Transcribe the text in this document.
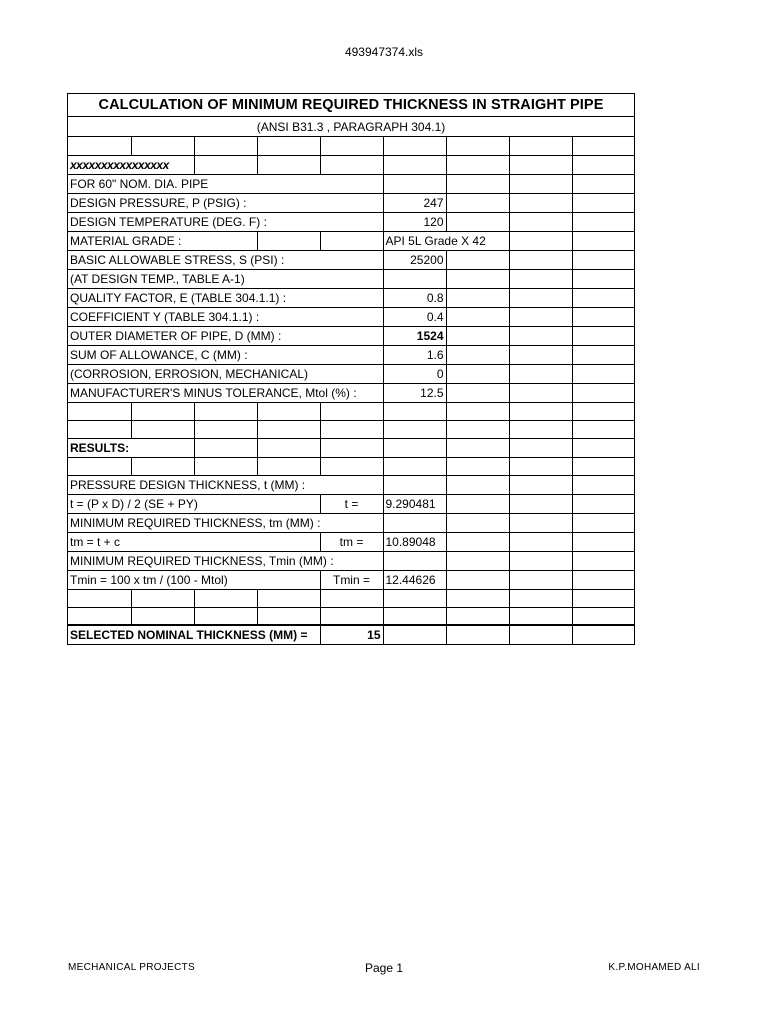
493947374.xls
CALCULATION OF MINIMUM REQUIRED THICKNESS IN STRAIGHT PIPE
(ANSI B31.3 , PARAGRAPH 304.1)

xxxxxxxxxxxxxxxx								
FOR 60" NOM. DIA. PIPE								
DESIGN PRESSURE, P (PSIG) :					247			
DESIGN TEMPERATURE (DEG. F) :					120			
MATERIAL GRADE :					API 5L Grade X 42			
BASIC ALLOWABLE STRESS, S (PSI) :					25200			
(AT DESIGN TEMP., TABLE A-1)								
QUALITY FACTOR, E (TABLE 304.1.1) :					0.8			
COEFFICIENT Y (TABLE 304.1.1) :					0.4			
OUTER DIAMETER OF PIPE, D (MM) :					1524			
SUM OF ALLOWANCE, C (MM) :					1.6			
(CORROSION, ERROSION, MECHANICAL)					0			
MANUFACTURER'S MINUS TOLERANCE, Mtol (%) :					12.5			

RESULTS:								

PRESSURE DESIGN THICKNESS, t (MM) :								
t = (P x D) / 2 (SE + PY)				t =	9.290481			
MINIMUM REQUIRED THICKNESS, tm (MM) :								
tm = t + c				tm =	10.89048			
MINIMUM REQUIRED THICKNESS, Tmin (MM) :								
Tmin = 100 x tm / (100 - Mtol)				Tmin =	12.44626			

SELECTED NOMINAL THICKNESS (MM) =				15				
MECHANICAL PROJECTS	Page 1	K.P.MOHAMED ALI
